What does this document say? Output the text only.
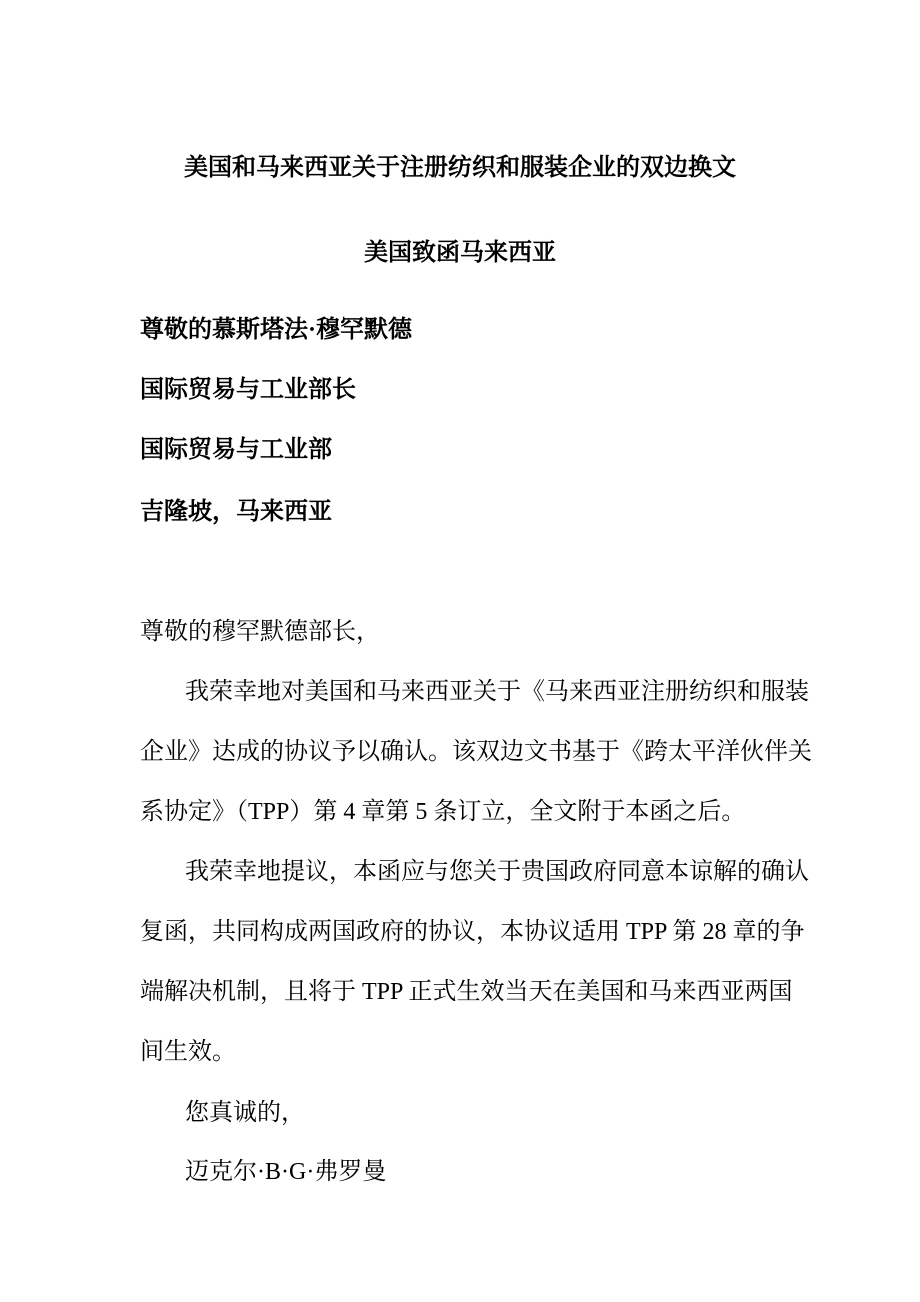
美国和马来西亚关于注册纺织和服装企业的双边换文
美国致函马来西亚
尊敬的慕斯塔法·穆罕默德
国际贸易与工业部长
国际贸易与工业部
吉隆坡，马来西亚
尊敬的穆罕默德部长，
我荣幸地对美国和马来西亚关于《马来西亚注册纺织和服装
企业》达成的协议予以确认。该双边文书基于《跨太平洋伙伴关
系协定》（TPP）第 4 章第 5 条订立，全文附于本函之后。
我荣幸地提议，本函应与您关于贵国政府同意本谅解的确认
复函，共同构成两国政府的协议，本协议适用 TPP 第 28 章的争
端解决机制，且将于 TPP 正式生效当天在美国和马来西亚两国
间生效。
您真诚的，
迈克尔·B·G·弗罗曼
